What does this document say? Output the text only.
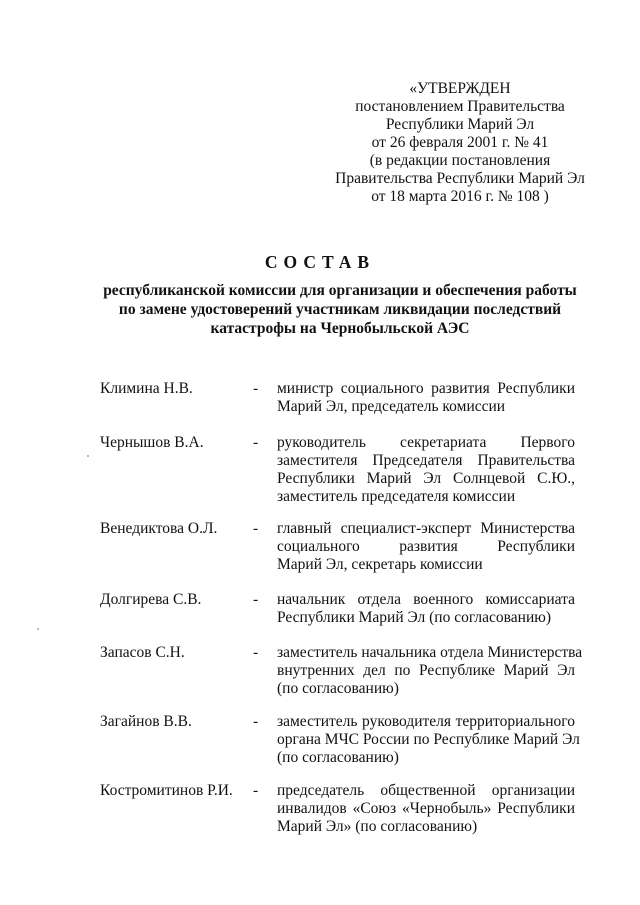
«УТВЕРЖДЕН
постановлением Правительства
Республики Марий Эл
от 26 февраля 2001 г. № 41
(в редакции постановления
Правительства Республики Марий Эл
от 18 марта 2016 г. № 108 )
СОСТАВ
республиканской комиссии для организации и обеспечения работы
по замене удостоверений участникам ликвидации последствий
катастрофы на Чернобыльской АЭС
Климина Н.В.	- министр социального развития Республики
Марий Эл, председатель комиссии
Чернышов В.А.	- руководитель секретариата Первого
заместителя Председателя Правительства
Республики Марий Эл Солнцевой С.Ю.,
заместитель председателя комиссии
Венедиктова О.Л. - главный специалист-эксперт Министерства
социального развития Республики
Марий Эл, секретарь комиссии
Долгирева С.В.	- начальник отдела военного комиссариата
Республики Марий Эл (по согласованию)
Запасов С.Н.	- заместитель начальника отдела Министерства
внутренних дел по Республике Марий Эл
(по согласованию)
Загайнов В.В.	- заместитель руководителя территориального
органа МЧС России по Республике Марий Эл
(по согласованию)
Костромитинов Р.И. - председатель общественной организации
инвалидов «Союз «Чернобыль» Республики
Марий Эл» (по согласованию)
